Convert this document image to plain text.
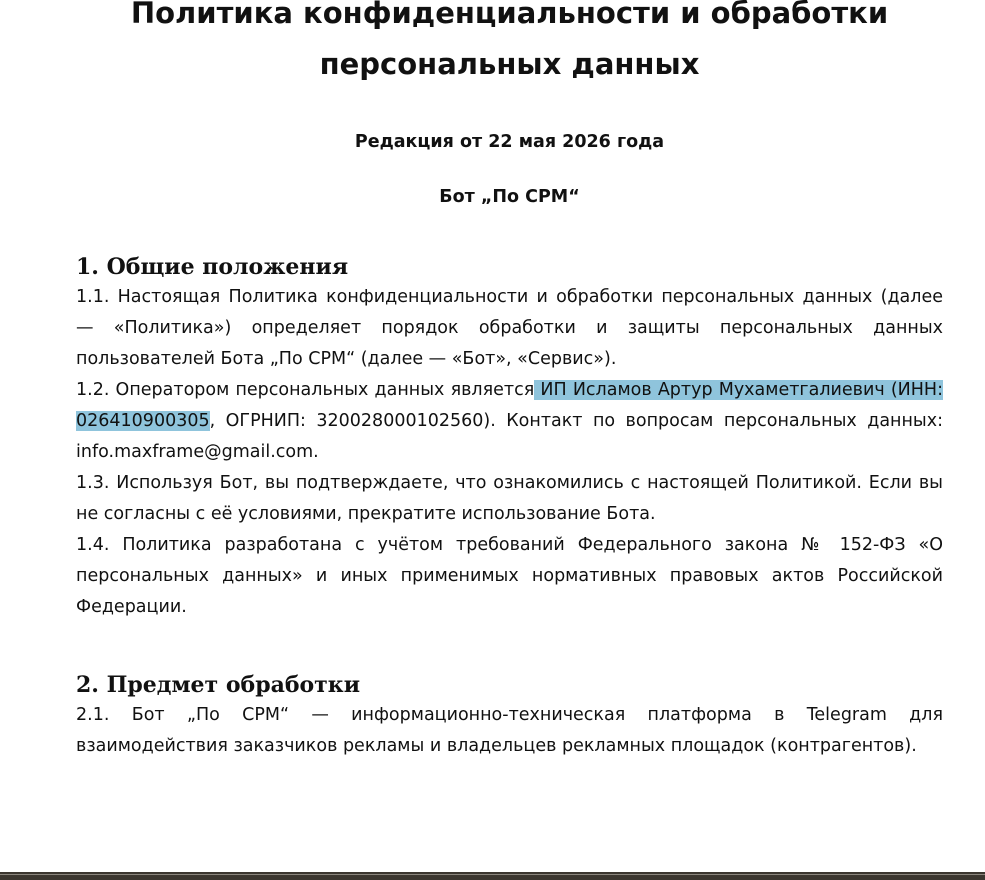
Политика конфиденциальности и обработки
персональных данных

Редакция от 22 мая 2026 года

Бот „По СРМ“

1. Общие положения

1.1. Настоящая Политика конфиденциальности и обработки персональных данных (далее — «Политика») определяет порядок обработки и защиты персональных данных пользователей Бота „По СРМ“ (далее — «Бот», «Сервис»).

1.2. Оператором персональных данных является ИП Исламов Артур Мухаметгалиевич (ИНН: 026410900305, ОГРНИП: 320028000102560). Контакт по вопросам персональных данных: info.maxframe@gmail.com.

1.3. Используя Бот, вы подтверждаете, что ознакомились с настоящей Политикой. Если вы не согласны с её условиями, прекратите использование Бота.

1.4. Политика разработана с учётом требований Федерального закона № 152-ФЗ «О персональных данных» и иных применимых нормативных правовых актов Российской Федерации.

2. Предмет обработки

2.1. Бот „По СРМ“ — информационно-техническая платформа в Telegram для взаимодействия заказчиков рекламы и владельцев рекламных площадок (контрагентов).
